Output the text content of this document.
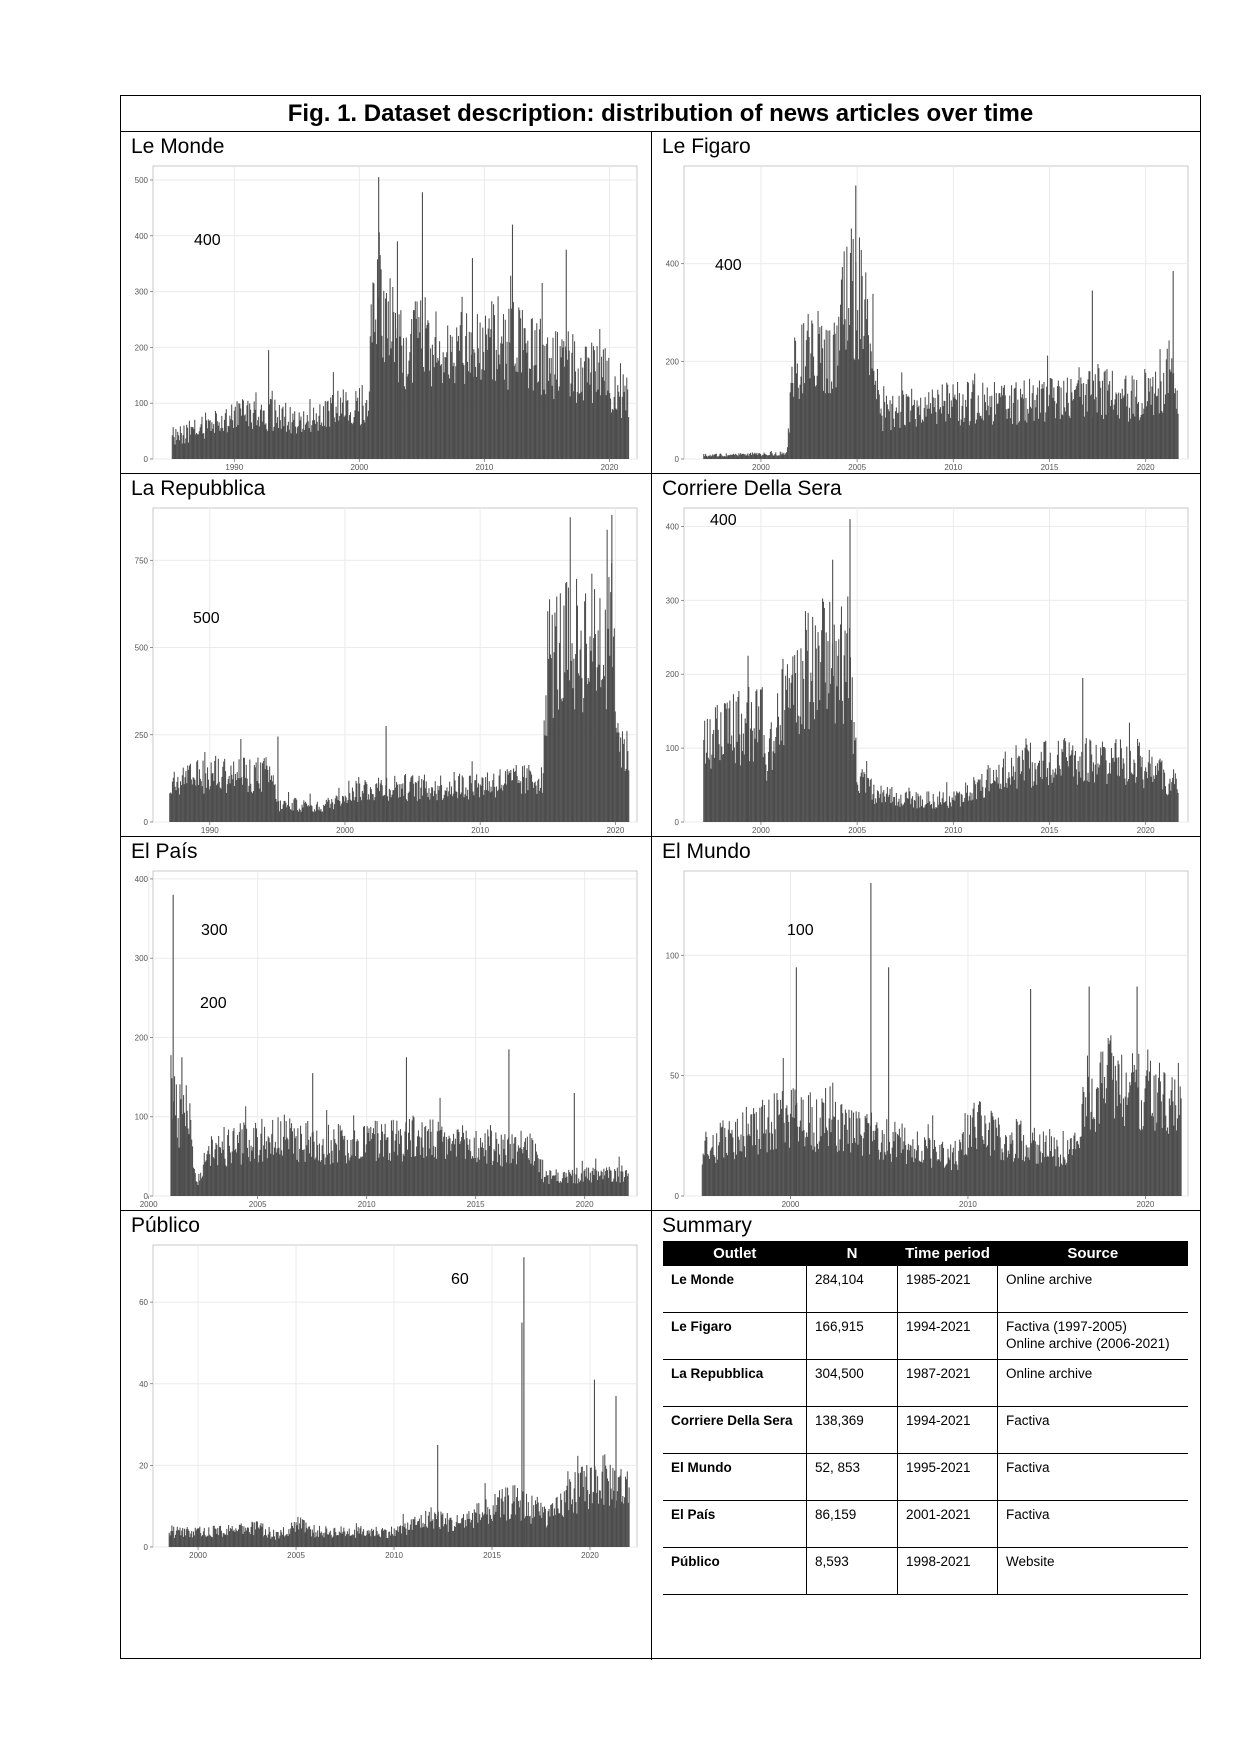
Fig. 1. Dataset description: distribution of news articles over time
Le Monde
1990	2000	2010	2020
0
100
200
300
400
500
400
Le Figaro
2000	2005	2010	2015	2020
0
200
400 400
La Repubblica
1990	2000	2010	2020
0
250
500
750
500
Corriere Della Sera
2000	2005	2010	2015	2020
0
100
200
300
400 400
El País
2000	2005	2010	2015	2020
0
100
200
300
400
300
200
El Mundo
2000	2010	2020
0
50
100
100
Público
2000	2005	2010	2015	2020
0
20
40
60
60
Summary
Outlet	N	Time period	Source
Le Monde	284,104	1985-2021	Online archive
Le Figaro	166,915	1994-2021	Factiva (1997-2005)
Online archive (2006-2021)
La Repubblica	304,500	1987-2021	Online archive
Corriere Della Sera	138,369	1994-2021	Factiva
El Mundo	52, 853	1995-2021	Factiva
El País	86,159	2001-2021	Factiva
Público	8,593	1998-2021	Website
